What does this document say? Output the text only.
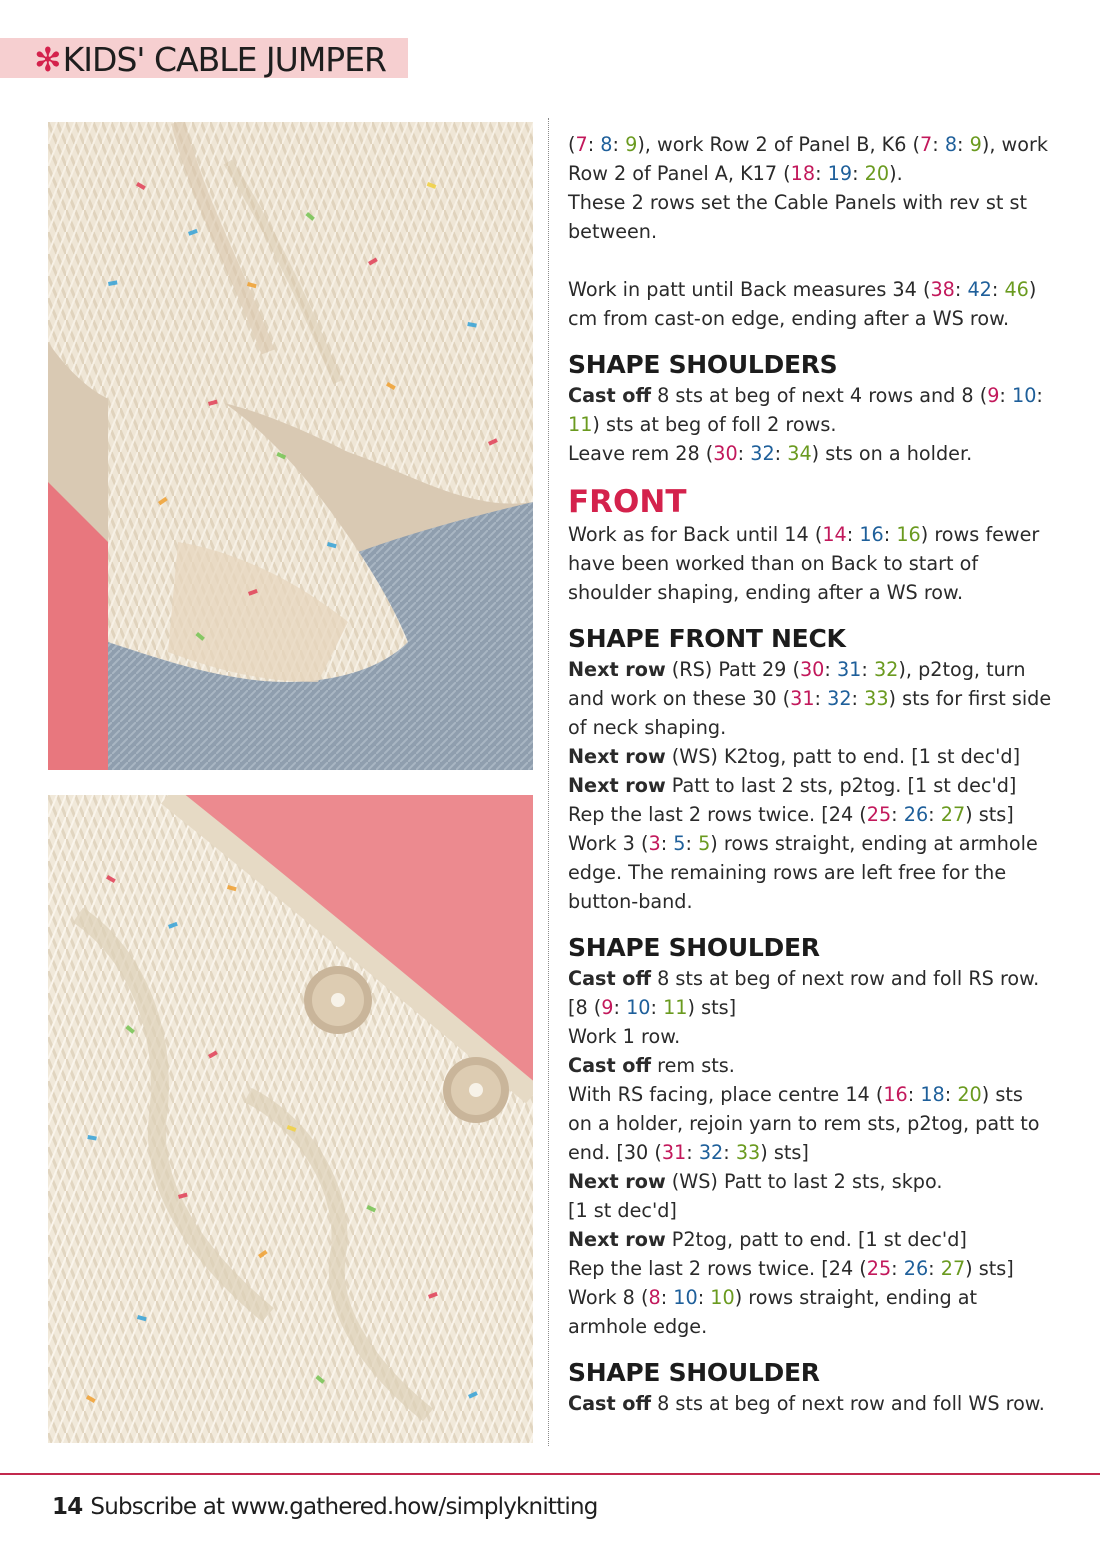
✻KIDS' CABLE JUMPER

(7: 8: 9), work Row 2 of Panel B, K6 (7: 8: 9), work

Row 2 of Panel A, K17 (18: 19: 20).

These 2 rows set the Cable Panels with rev st st

between.

Work in patt until Back measures 34 (38: 42: 46)

cm from cast-on edge, ending after a WS row.

SHAPE SHOULDERS

Cast off 8 sts at beg of next 4 rows and 8 (9: 10:

11) sts at beg of foll 2 rows.

Leave rem 28 (30: 32: 34) sts on a holder.

FRONT

Work as for Back until 14 (14: 16: 16) rows fewer

have been worked than on Back to start of

shoulder shaping, ending after a WS row.

SHAPE FRONT NECK

Next row (RS) Patt 29 (30: 31: 32), p2tog, turn

and work on these 30 (31: 32: 33) sts for first side

of neck shaping.

Next row (WS) K2tog, patt to end. [1 st dec'd]

Next row Patt to last 2 sts, p2tog. [1 st dec'd]

Rep the last 2 rows twice. [24 (25: 26: 27) sts]

Work 3 (3: 5: 5) rows straight, ending at armhole

edge. The remaining rows are left free for the

button-band.

SHAPE SHOULDER

Cast off 8 sts at beg of next row and foll RS row.

[8 (9: 10: 11) sts]

Work 1 row.

Cast off rem sts.

With RS facing, place centre 14 (16: 18: 20) sts

on a holder, rejoin yarn to rem sts, p2tog, patt to

end. [30 (31: 32: 33) sts]

Next row (WS) Patt to last 2 sts, skpo.

[1 st dec'd]

Next row P2tog, patt to end. [1 st dec'd]

Rep the last 2 rows twice. [24 (25: 26: 27) sts]

Work 8 (8: 10: 10) rows straight, ending at

armhole edge.

SHAPE SHOULDER

Cast off 8 sts at beg of next row and foll WS row.

14 Subscribe at www.gathered.how/simplyknitting
